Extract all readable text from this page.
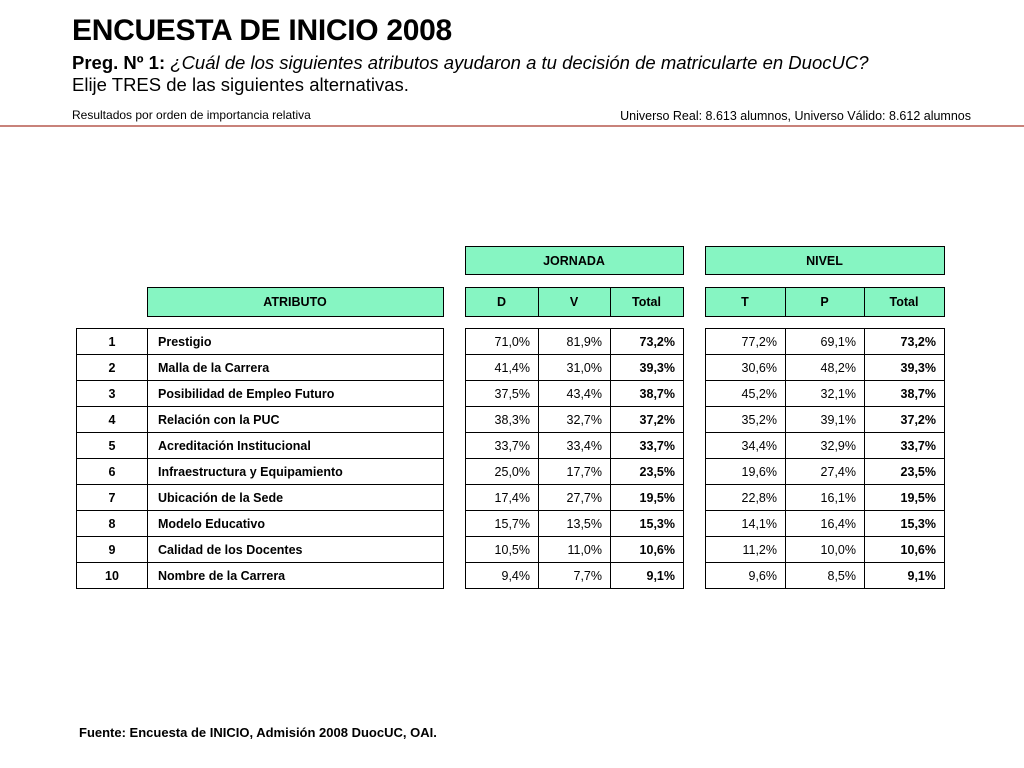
ENCUESTA DE INICIO 2008
Preg. Nº 1: ¿Cuál de los siguientes atributos ayudaron a tu decisión de matricularte en DuocUC?
Elije TRES de las siguientes alternativas.
Resultados por orden de importancia relativa	Universo Real: 8.613 alumnos, Universo Válido: 8.612 alumnos
			JORNADA		NIVEL
	ATRIBUTO		D	V	Total		T	P	Total
1	Prestigio		71,0%	81,9%	73,2%		77,2%	69,1%	73,2%
2	Malla de la Carrera		41,4%	31,0%	39,3%		30,6%	48,2%	39,3%
3	Posibilidad de Empleo Futuro		37,5%	43,4%	38,7%		45,2%	32,1%	38,7%
4	Relación con la PUC		38,3%	32,7%	37,2%		35,2%	39,1%	37,2%
5	Acreditación Institucional		33,7%	33,4%	33,7%		34,4%	32,9%	33,7%
6	Infraestructura y Equipamiento		25,0%	17,7%	23,5%		19,6%	27,4%	23,5%
7	Ubicación de la Sede		17,4%	27,7%	19,5%		22,8%	16,1%	19,5%
8	Modelo Educativo		15,7%	13,5%	15,3%		14,1%	16,4%	15,3%
9	Calidad de los Docentes		10,5%	11,0%	10,6%		11,2%	10,0%	10,6%
10	Nombre de la Carrera		9,4%	7,7%	9,1%		9,6%	8,5%	9,1%
Fuente: Encuesta de INICIO, Admisión 2008 DuocUC, OAI.
